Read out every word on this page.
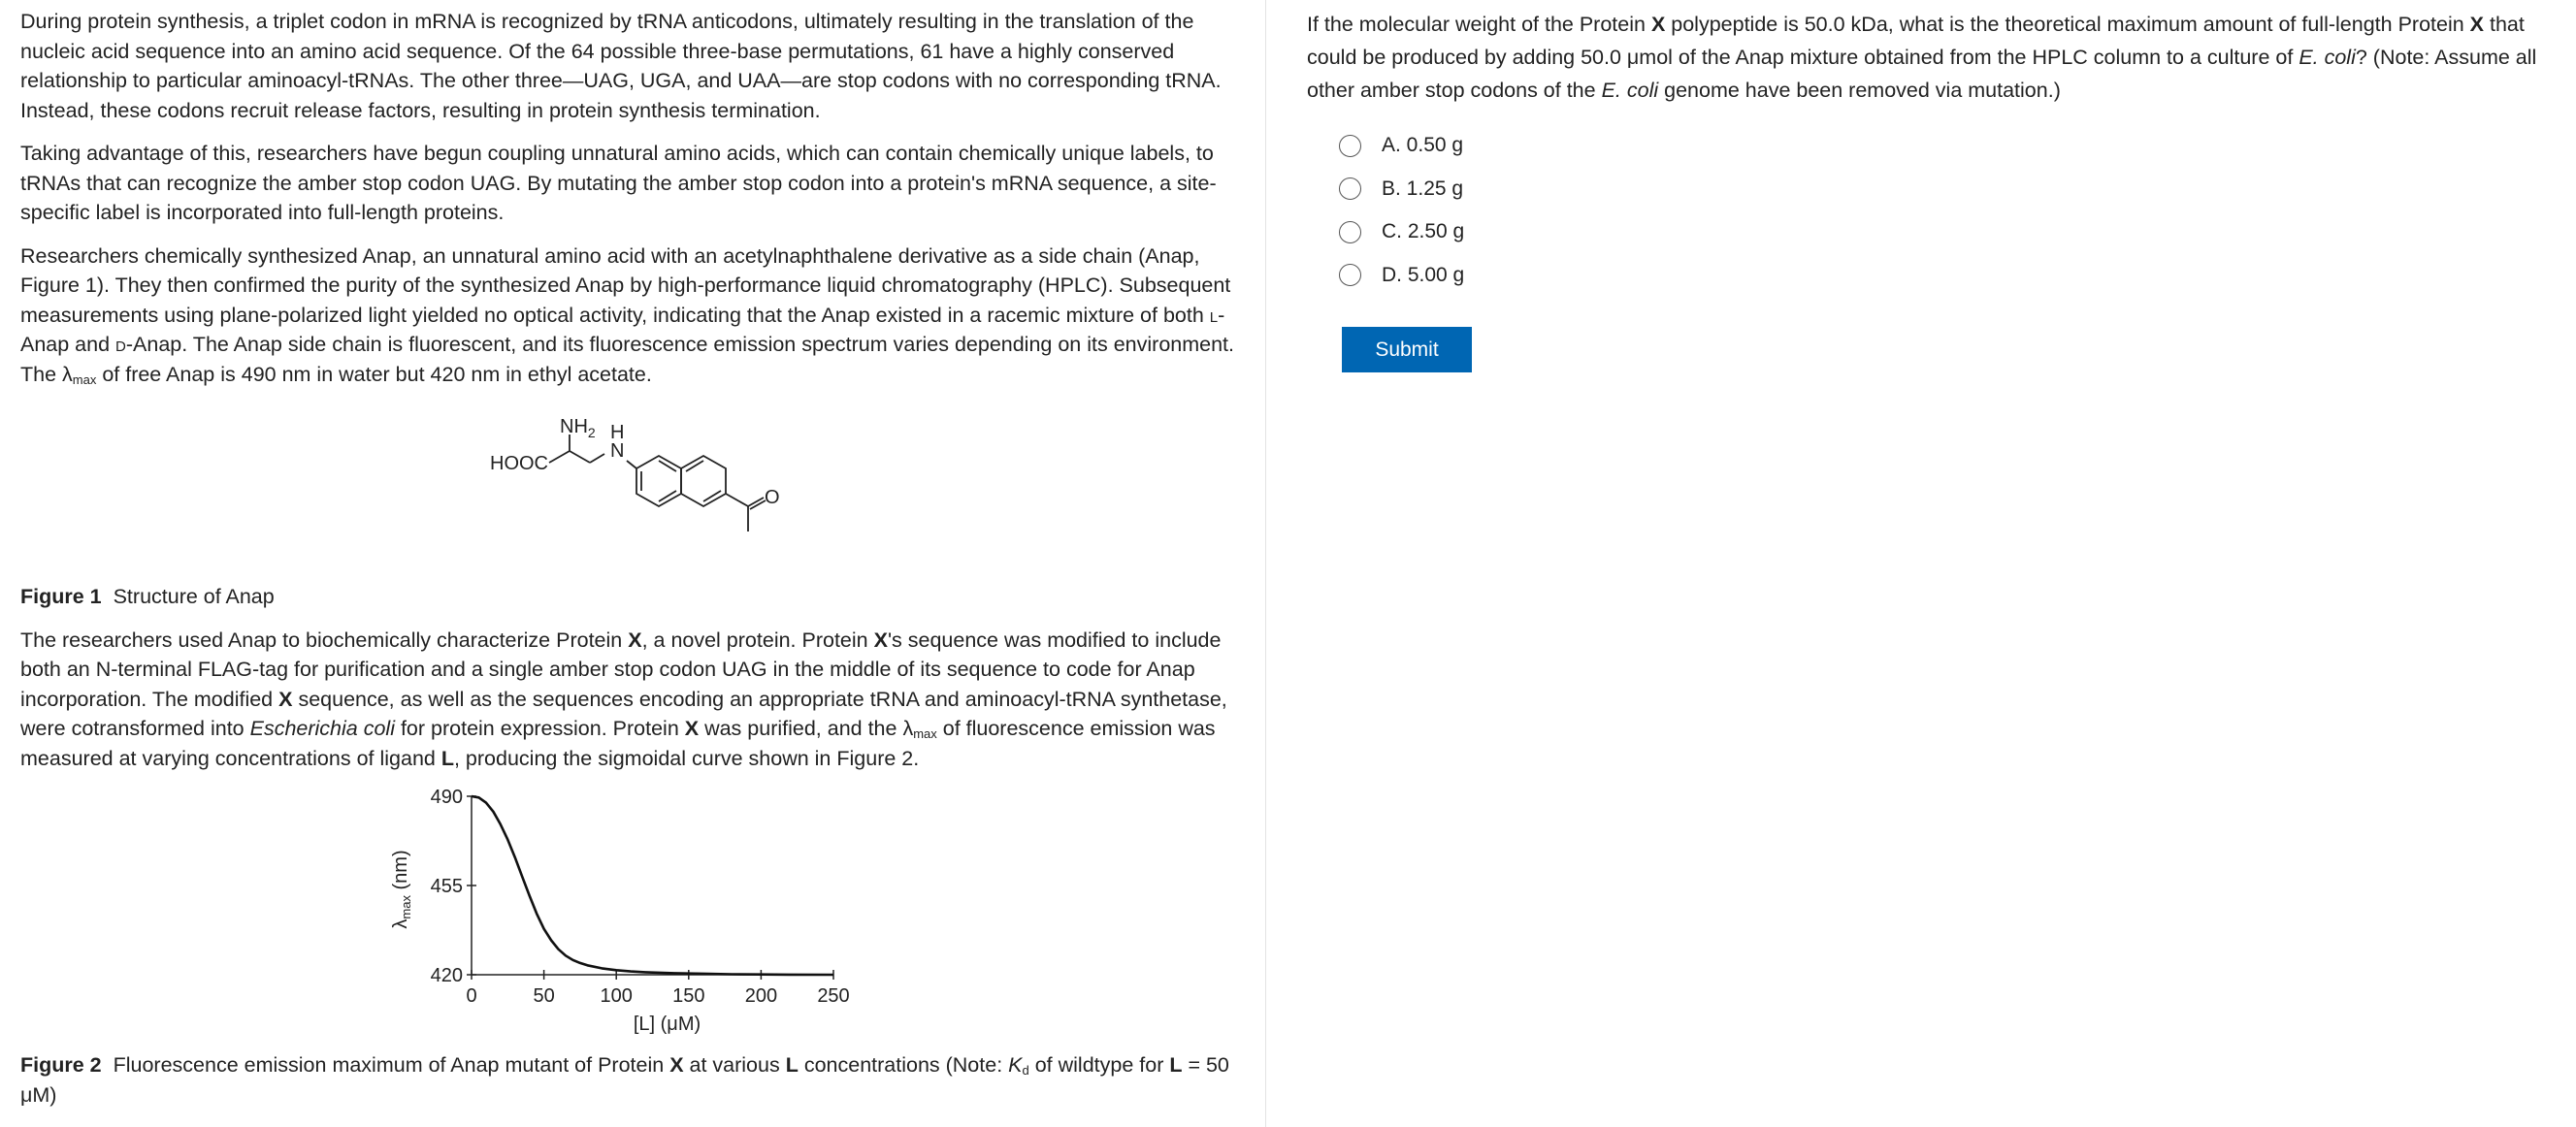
During protein synthesis, a triplet codon in mRNA is recognized by tRNA anticodons, ultimately resulting in the translation of the nucleic acid sequence into an amino acid sequence. Of the 64 possible three-base permutations, 61 have a highly conserved relationship to particular aminoacyl-tRNAs. The other three—UAG, UGA, and UAA—are stop codons with no corresponding tRNA. Instead, these codons recruit release factors, resulting in protein synthesis termination.

Taking advantage of this, researchers have begun coupling unnatural amino acids, which can contain chemically unique labels, to tRNAs that can recognize the amber stop codon UAG. By mutating the amber stop codon into a protein's mRNA sequence, a site-specific label is incorporated into full-length proteins.

Researchers chemically synthesized Anap, an unnatural amino acid with an acetylnaphthalene derivative as a side chain (Anap, Figure 1). They then confirmed the purity of the synthesized Anap by high-performance liquid chromatography (HPLC). Subsequent measurements using plane-polarized light yielded no optical activity, indicating that the Anap existed in a racemic mixture of both l-Anap and d-Anap. The Anap side chain is fluorescent, and its fluorescence emission spectrum varies depending on its environment. The $\lambda_{max}$ of free Anap is 490 nm in water but 420 nm in ethyl acetate.

$NH_2$ H
N
HOOC
O

Figure 1 Structure of Anap

The researchers used Anap to biochemically characterize Protein X, a novel protein. Protein X's sequence was modified to include both an N-terminal FLAG-tag for purification and a single amber stop codon UAG in the middle of its sequence to code for Anap incorporation. The modified X sequence, as well as the sequences encoding an appropriate tRNA and aminoacyl-tRNA synthetase, were cotransformed into Escherichia coli for protein expression. Protein X was purified, and the $\lambda_{max}$ of fluorescence emission was measured at varying concentrations of ligand L, producing the sigmoidal curve shown in Figure 2.

0	50 100 150 200 250
420
455
490
[L] (μM)
$\lambda_{max}$ (nm)

Figure 2 Fluorescence emission maximum of Anap mutant of Protein X at various L concentrations (Note: $K_d$ of wildtype for L = 50 μM)

If the molecular weight of the Protein X polypeptide is 50.0 kDa, what is the theoretical maximum amount of full-length Protein X that could be produced by adding 50.0 μmol of the Anap mixture obtained from the HPLC column to a culture of E. coli? (Note: Assume all other amber stop codons of the E. coli genome have been removed via mutation.)
A. 0.50 g
B. 1.25 g
C. 2.50 g
D. 5.00 g
Submit
